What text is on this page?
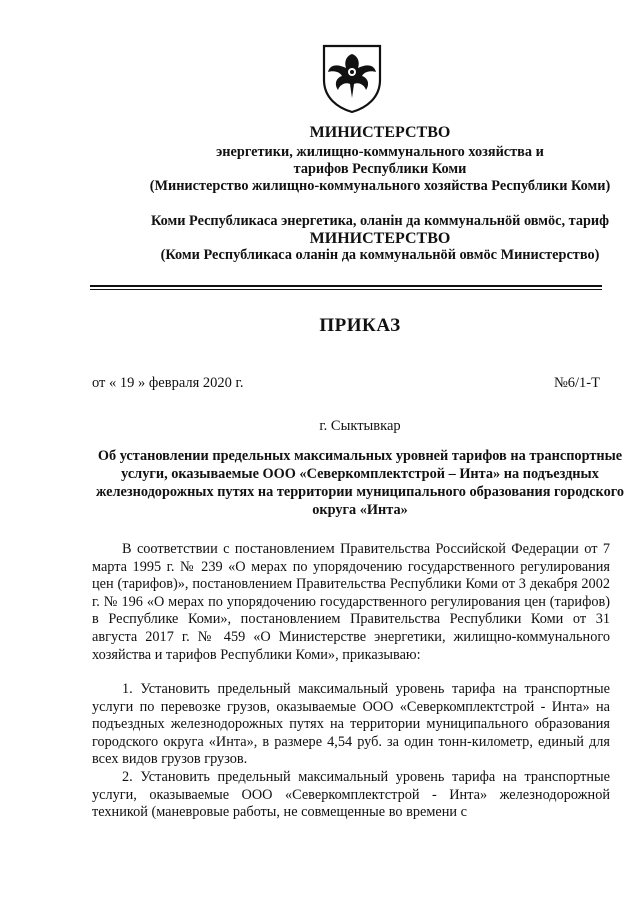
МИНИСТЕРСТВО
энергетики, жилищно-коммунального хозяйства и
тарифов Республики Коми
(Министерство жилищно-коммунального хозяйства Республики Коми)
Коми Республикаса энергетика, оланiн да коммунальнöй овмöс, тариф
МИНИСТЕРСТВО
(Коми Республикаса оланiн да коммунальнöй овмöс Министерство)
ПРИКАЗ
от « 19 » февраля 2020 г.	№6/1-Т
г. Сыктывкар
Об установлении предельных максимальных уровней тарифов на транспортные услуги, оказываемые ООО «Северкомплектстрой – Инта» на подъездных железнодорожных путях на территории муниципального образования городского округа «Инта»
В соответствии с постановлением Правительства Российской Федерации от 7 марта 1995 г. № 239 «О мерах по упорядочению государственного регулирования цен (тарифов)», постановлением Правительства Республики Коми от 3 декабря 2002 г. № 196 «О мерах по упорядочению государственного регулирования цен (тарифов) в Республике Коми», постановлением Правительства Республики Коми от 31 августа 2017 г. № 459 «О Министерстве энергетики, жилищно-коммунального хозяйства и тарифов Республики Коми», приказываю:
1. Установить предельный максимальный уровень тарифа на транспортные услуги по перевозке грузов, оказываемые ООО «Северкомплектстрой - Инта» на подъездных железнодорожных путях на территории муниципального образования городского округа «Инта», в размере 4,54 руб. за один тонн-километр, единый для всех видов грузов грузов.
2. Установить предельный максимальный уровень тарифа на транспортные услуги, оказываемые ООО «Северкомплектстрой - Инта» железнодорожной техникой (маневровые работы, не совмещенные во времени с
